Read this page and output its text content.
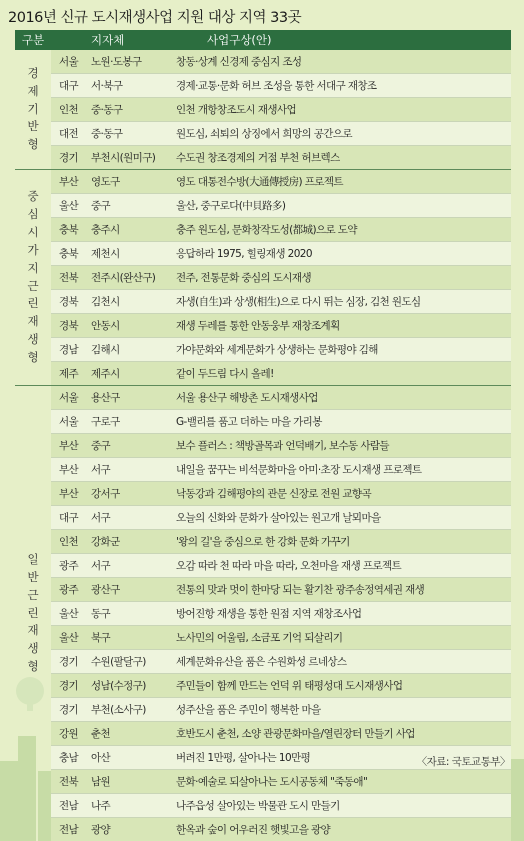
2016년 신규 도시재생사업 지원 대상 지역 33곳
구분	지자체	사업구상(안)
경제기반형
서울	노원·도봉구	창동·상계 신경제 중심지 조성
대구	서·북구	경제·교통·문화 허브 조성을 통한 서대구 재창조
인천	중·동구	인천 개항창조도시 재생사업
대전	중·동구	원도심, 쇠퇴의 상징에서 희망의 공간으로
경기	부천시(원미구)	수도권 창조경제의 거점 부천 허브렉스
중심시가지근린재생형
부산	영도구	영도 대통전수방(大通傳授房) 프로젝트
울산	중구	울산, 중구로다(中貝路多)
충북	충주시	충주 원도심, 문화창작도성(都城)으로 도약
충북	제천시	응답하라 1975, 힐링재생 2020
전북	전주시(완산구)	전주, 전통문화 중심의 도시재생
경북	김천시	자생(自生)과 상생(相生)으로 다시 뛰는 심장, 김천 원도심
경북	안동시	재생 두레를 통한 안동웅부 재창조계획
경남	김해시	가야문화와 세계문화가 상생하는 문화평야 김해
제주	제주시	같이 두드림 다시 올레!
일반근린재생형
서울	용산구	서울 용산구 해방촌 도시재생사업
서울	구로구	G-밸리를 품고 더하는 마을 가리봉
부산	중구	보수 플러스 : 책방골목과 언덕배기, 보수동 사람들
부산	서구	내일을 꿈꾸는 비석문화마을 아미·초장 도시재생 프로젝트
부산	강서구	낙동강과 김해평야의 관문 신장로 전원 교향곡
대구	서구	오늘의 신화와 문화가 살아있는 원고개 날뫼마을
인천	강화군	'왕의 길'을 중심으로 한 강화 문화 가꾸기
광주	서구	오감 따라 천 따라 마을 따라, 오천마을 재생 프로젝트
광주	광산구	전통의 맛과 멋이 한마당 되는 활기찬 광주송정역세권 재생
울산	동구	방어진항 재생을 통한 원점 지역 재창조사업
울산	북구	노사민의 어울림, 소금포 기억 되살리기
경기	수원(팔달구)	세계문화유산을 품은 수원화성 르네상스
경기	성남(수정구)	주민들이 함께 만드는 언덕 위 태평성대 도시재생사업
경기	부천(소사구)	성주산을 품은 주민이 행복한 마을
강원	춘천	호반도시 춘천, 소양 관광문화마을/열린장터 만들기 사업
충남	아산	버려진 1만평, 살아나는 10만평
전북	남원	문화·예술로 되살아나는 도시공동체 "죽동애"
전남	나주	나주읍성 살아있는 박물관 도시 만들기
전남	광양	한옥과 숲이 어우러진 햇빛고을 광양
〈자료: 국토교통부〉
